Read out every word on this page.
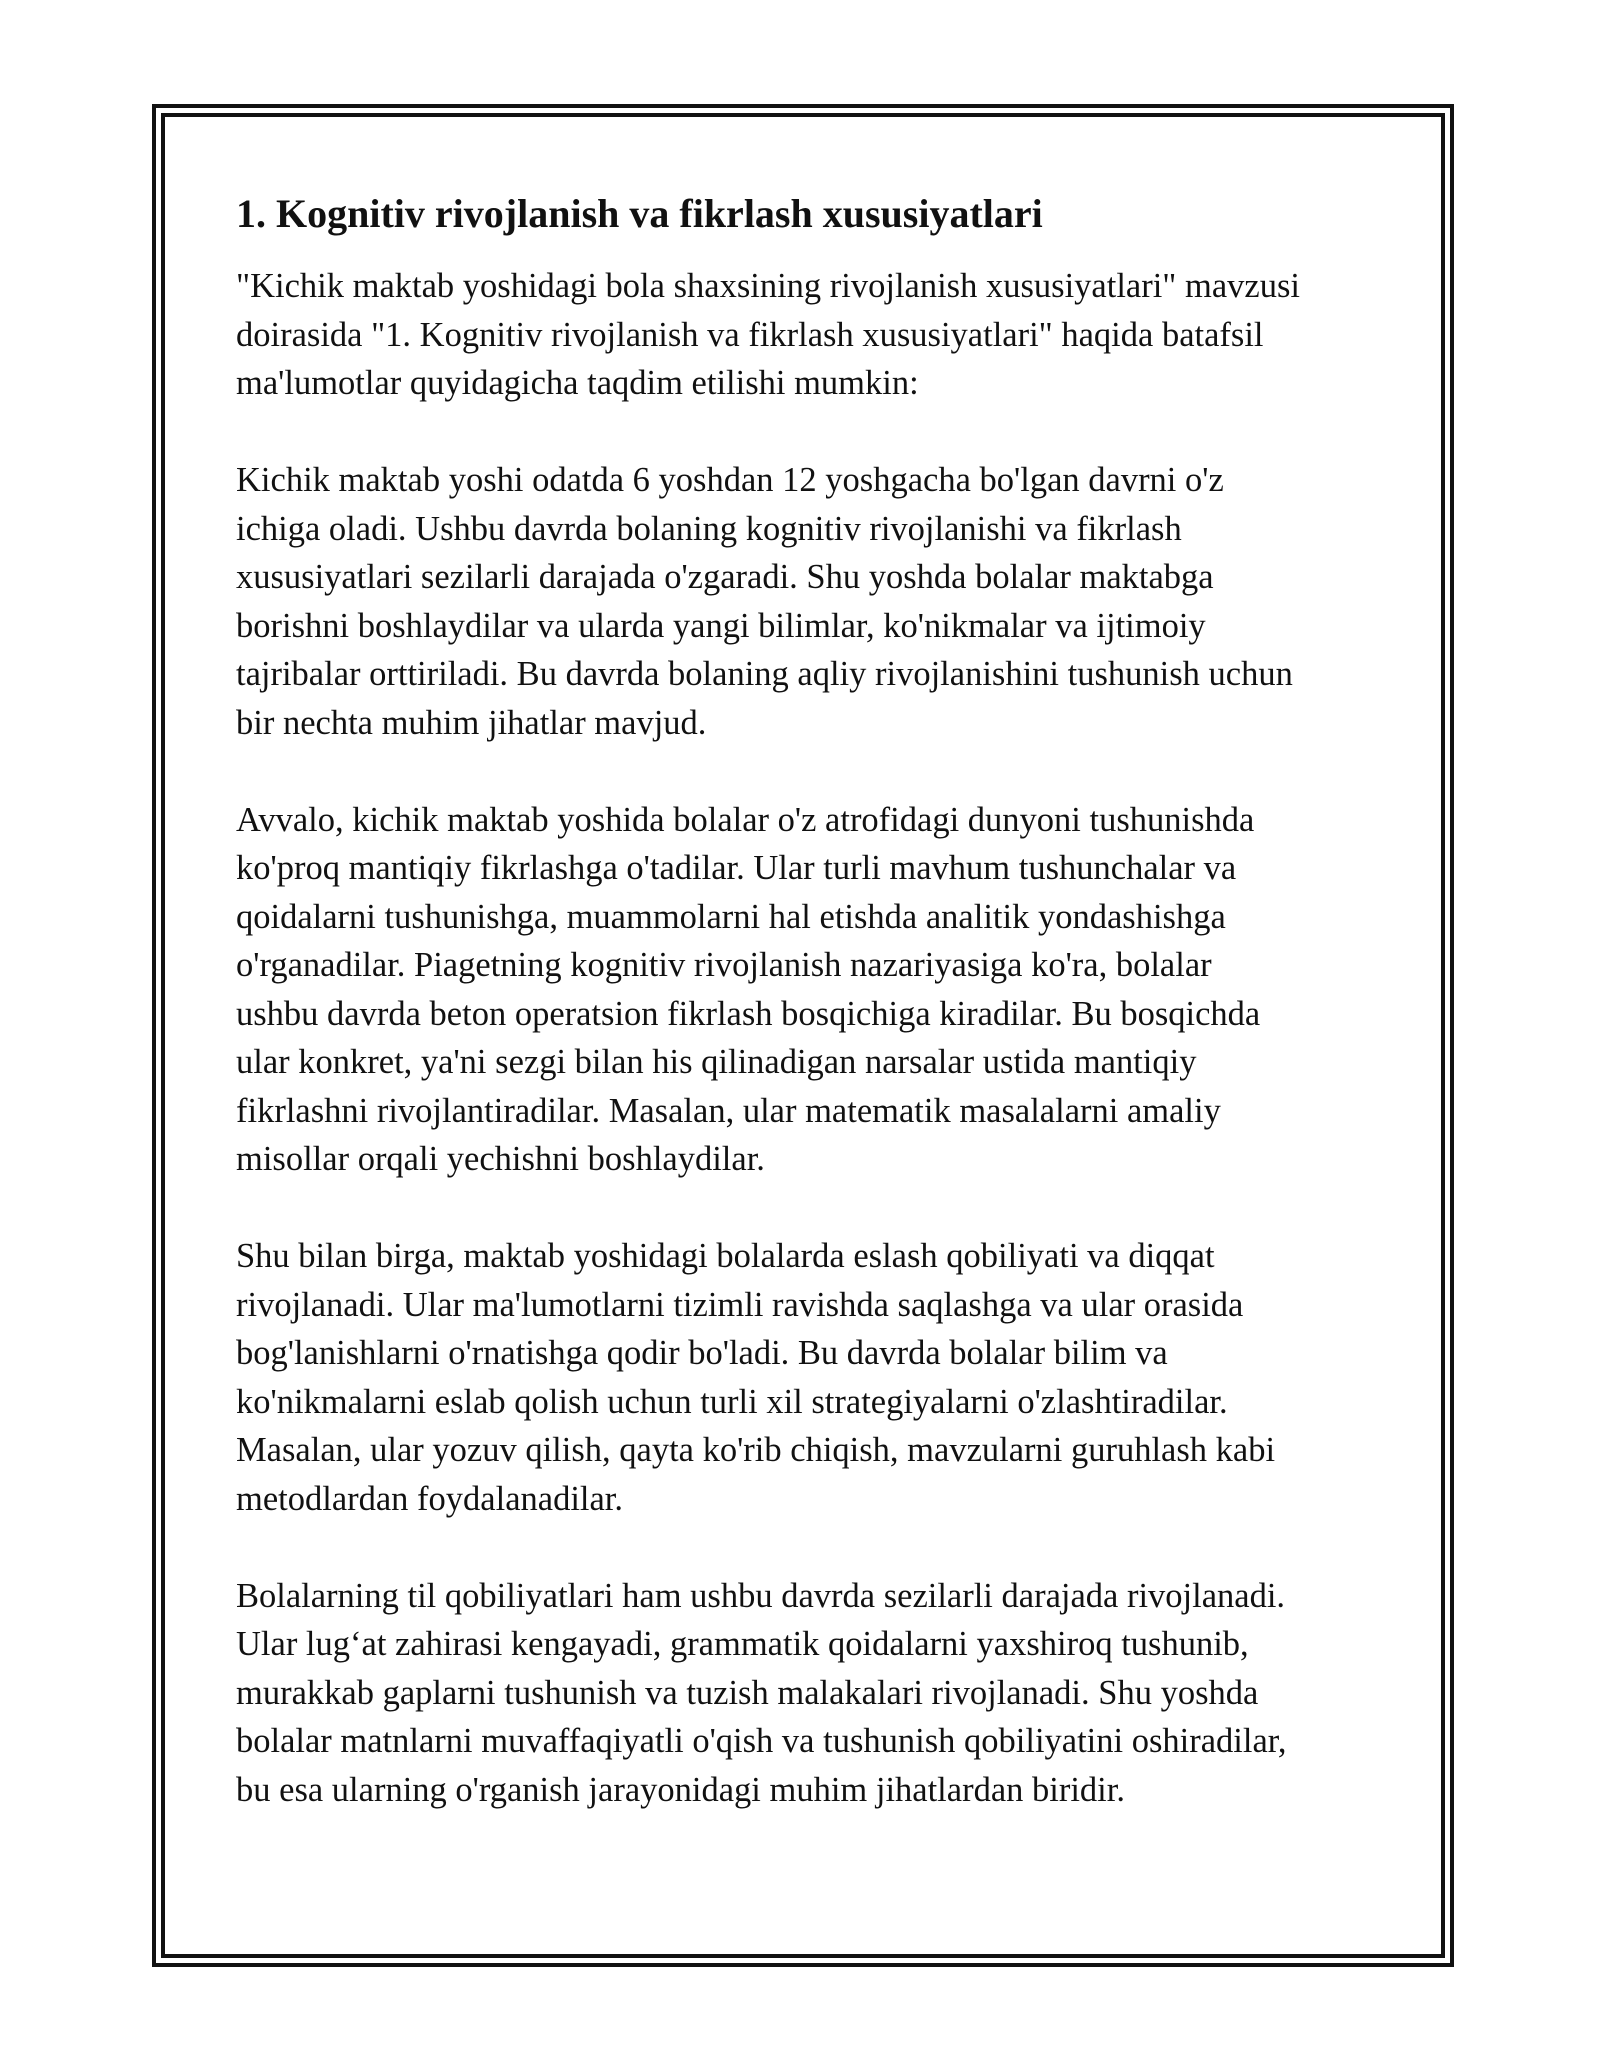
1. Kognitiv rivojlanish va fikrlash xususiyatlari
"Kichik maktab yoshidagi bola shaxsining rivojlanish xususiyatlari" mavzusi
doirasida "1. Kognitiv rivojlanish va fikrlash xususiyatlari" haqida batafsil
ma'lumotlar quyidagicha taqdim etilishi mumkin:
Kichik maktab yoshi odatda 6 yoshdan 12 yoshgacha bo'lgan davrni o'z
ichiga oladi. Ushbu davrda bolaning kognitiv rivojlanishi va fikrlash
xususiyatlari sezilarli darajada o'zgaradi. Shu yoshda bolalar maktabga
borishni boshlaydilar va ularda yangi bilimlar, ko'nikmalar va ijtimoiy
tajribalar orttiriladi. Bu davrda bolaning aqliy rivojlanishini tushunish uchun
bir nechta muhim jihatlar mavjud.
Avvalo, kichik maktab yoshida bolalar o'z atrofidagi dunyoni tushunishda
ko'proq mantiqiy fikrlashga o'tadilar. Ular turli mavhum tushunchalar va
qoidalarni tushunishga, muammolarni hal etishda analitik yondashishga
o'rganadilar. Piagetning kognitiv rivojlanish nazariyasiga ko'ra, bolalar
ushbu davrda beton operatsion fikrlash bosqichiga kiradilar. Bu bosqichda
ular konkret, ya'ni sezgi bilan his qilinadigan narsalar ustida mantiqiy
fikrlashni rivojlantiradilar. Masalan, ular matematik masalalarni amaliy
misollar orqali yechishni boshlaydilar.
Shu bilan birga, maktab yoshidagi bolalarda eslash qobiliyati va diqqat
rivojlanadi. Ular ma'lumotlarni tizimli ravishda saqlashga va ular orasida
bog'lanishlarni o'rnatishga qodir bo'ladi. Bu davrda bolalar bilim va
ko'nikmalarni eslab qolish uchun turli xil strategiyalarni o'zlashtiradilar.
Masalan, ular yozuv qilish, qayta ko'rib chiqish, mavzularni guruhlash kabi
metodlardan foydalanadilar.
Bolalarning til qobiliyatlari ham ushbu davrda sezilarli darajada rivojlanadi.
Ular lug‘at zahirasi kengayadi, grammatik qoidalarni yaxshiroq tushunib,
murakkab gaplarni tushunish va tuzish malakalari rivojlanadi. Shu yoshda
bolalar matnlarni muvaffaqiyatli o'qish va tushunish qobiliyatini oshiradilar,
bu esa ularning o'rganish jarayonidagi muhim jihatlardan biridir.
